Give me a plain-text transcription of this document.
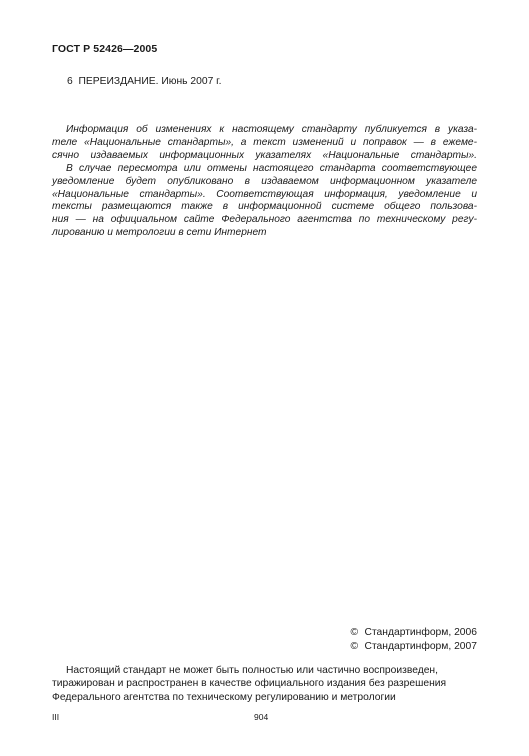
ГОСТ Р 52426—2005
6 ПЕРЕИЗДАНИЕ. Июнь 2007 г.
Информация об изменениях к настоящему стандарту публикуется в указа-
теле «Национальные стандарты», а текст изменений и поправок — в ежеме-
сячно издаваемых информационных указателях «Национальные стандарты».
В случае пересмотра или отмены настоящего стандарта соответствующее
уведомление будет опубликовано в издаваемом информационном указателе
«Национальные стандарты». Соответствующая информация, уведомление и
тексты размещаются также в информационной системе общего пользова-
ния — на официальном сайте Федерального агентства по техническому регу-
лированию и метрологии в сети Интернет
© Стандартинформ, 2006
© Стандартинформ, 2007
Настоящий стандарт не может быть полностью или частично воспроизведен,
тиражирован и распространен в качестве официального издания без разрешения
Федерального агентства по техническому регулированию и метрологии
III	904
